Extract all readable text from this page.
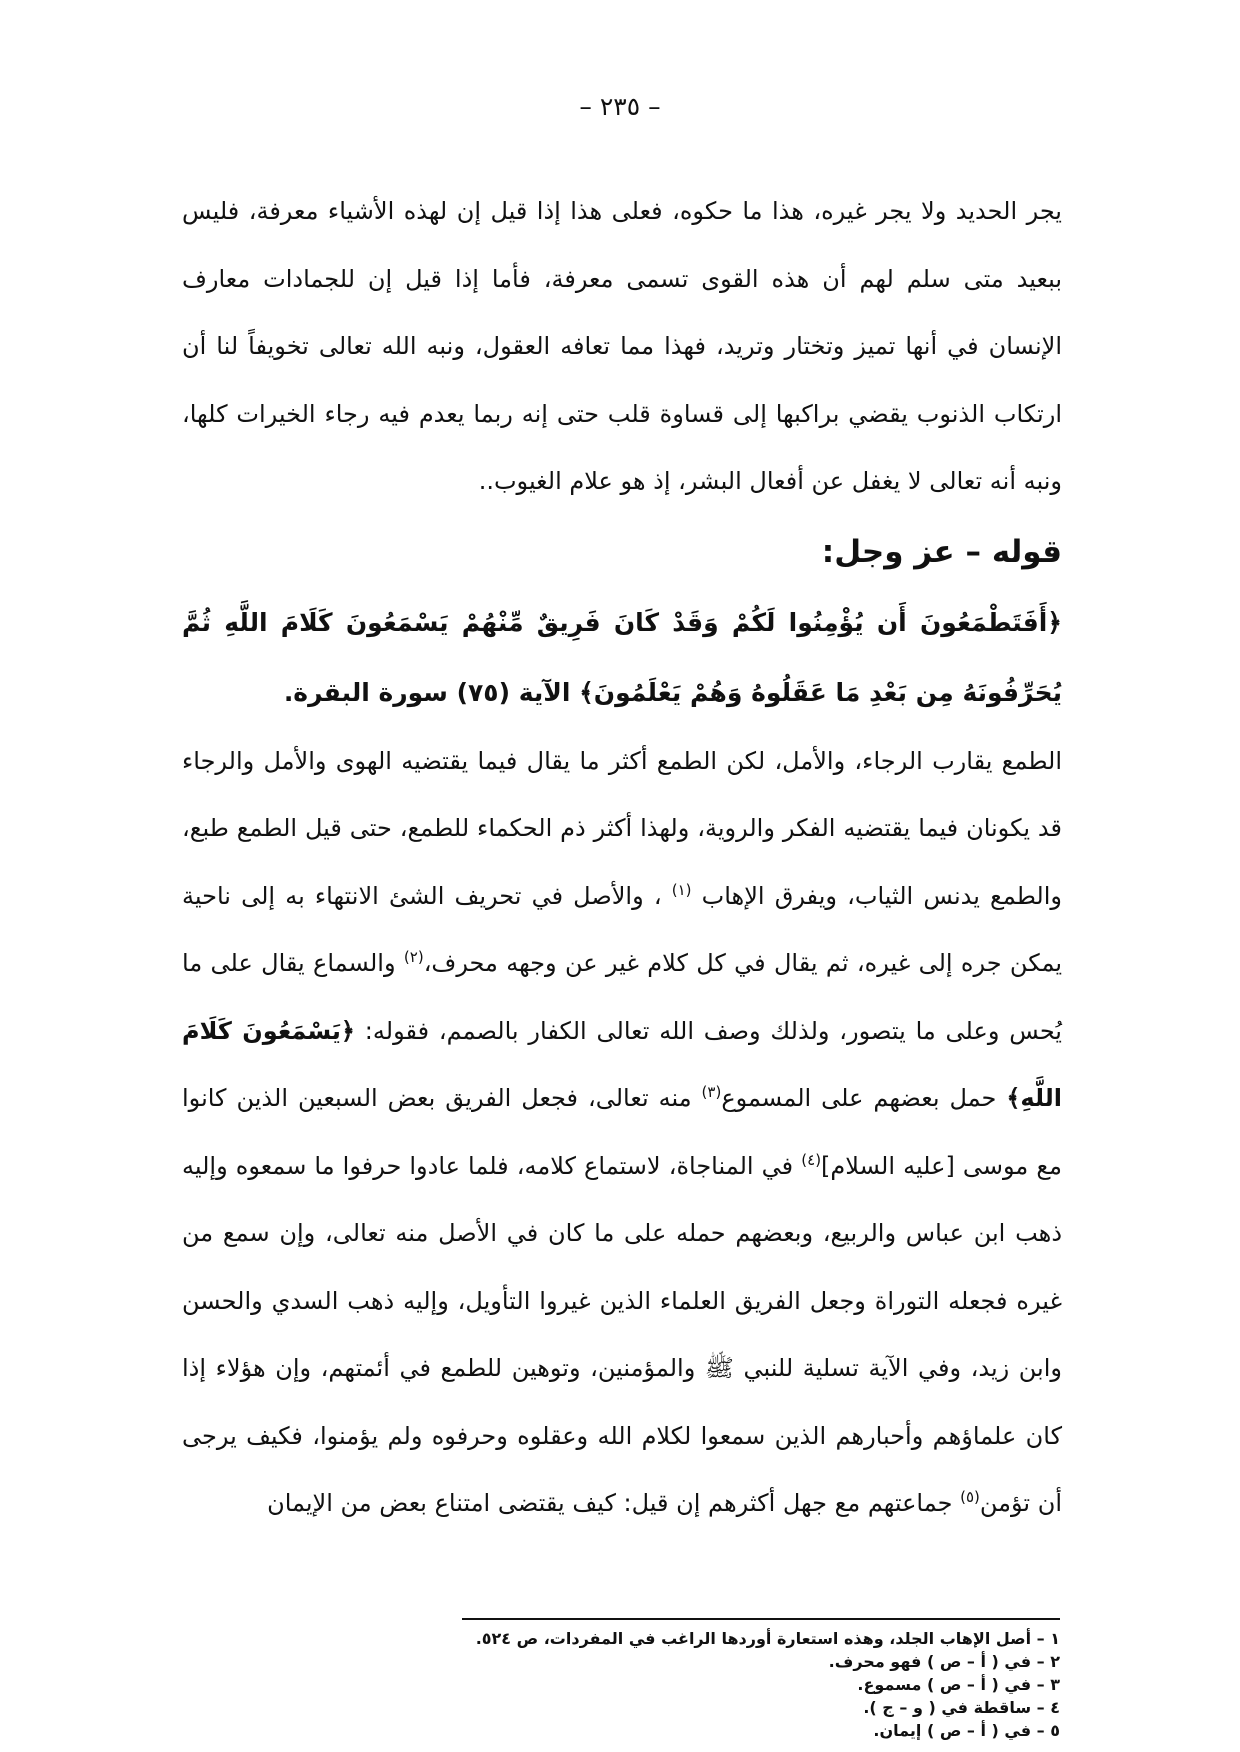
– ٢٣٥ –

يجر الحديد ولا يجر غيره، هذا ما حكوه، فعلى هذا إذا قيل إن لهذه الأشياء معرفة، فليس ببعيد متى سلم لهم أن هذه القوى تسمى معرفة، فأما إذا قيل إن للجمادات معارف الإنسان في أنها تميز وتختار وتريد، فهذا مما تعافه العقول، ونبه الله تعالى تخويفاً لنا أن ارتكاب الذنوب يقضي براكبها إلى قساوة قلب حتى إنه ربما يعدم فيه رجاء الخيرات كلها، ونبه أنه تعالى لا يغفل عن أفعال البشر، إذ هو علام الغيوب..

قوله – عز وجل:

﴿أَفَتَطْمَعُونَ أَن يُؤْمِنُوا لَكُمْ وَقَدْ كَانَ فَرِيقٌ مِّنْهُمْ يَسْمَعُونَ كَلَامَ اللَّهِ ثُمَّ يُحَرِّفُونَهُ مِن بَعْدِ مَا عَقَلُوهُ وَهُمْ يَعْلَمُونَ﴾ الآية (٧٥) سورة البقرة.

الطمع يقارب الرجاء، والأمل، لكن الطمع أكثر ما يقال فيما يقتضيه الهوى والأمل والرجاء قد يكونان فيما يقتضيه الفكر والروية، ولهذا أكثر ذم الحكماء للطمع، حتى قيل الطمع طبع، والطمع يدنس الثياب، ويفرق الإهاب $^{(١)}$ ، والأصل في تحريف الشئ الانتهاء به إلى ناحية يمكن جره إلى غيره، ثم يقال في كل كلام غير عن وجهه محرف،$^{(٢)}$ والسماع يقال على ما يُحس وعلى ما يتصور، ولذلك وصف الله تعالى الكفار بالصمم، فقوله: ﴿يَسْمَعُونَ كَلَامَ اللَّهِ﴾ حمل بعضهم على المسموع$^{(٣)}$ منه تعالى، فجعل الفريق بعض السبعين الذين كانوا مع موسى [عليه السلام]$^{(٤)}$ في المناجاة، لاستماع كلامه، فلما عادوا حرفوا ما سمعوه وإليه ذهب ابن عباس والربيع، وبعضهم حمله على ما كان في الأصل منه تعالى، وإن سمع من غيره فجعله التوراة وجعل الفريق العلماء الذين غيروا التأويل، وإليه ذهب السدي والحسن وابن زيد، وفي الآية تسلية للنبي ﷺ والمؤمنين، وتوهين للطمع في أئمتهم، وإن هؤلاء إذا كان علماؤهم وأحبارهم الذين سمعوا لكلام الله وعقلوه وحرفوه ولم يؤمنوا، فكيف يرجى أن تؤمن$^{(٥)}$ جماعتهم مع جهل أكثرهم إن قيل: كيف يقتضى امتناع بعض من الإيمان

١ – أصل الإهاب الجلد، وهذه استعارة أوردها الراغب في المفردات، ص ٥٢٤.
٢ – في ( أ – ص ) فهو محرف.
٣ – في ( أ – ص ) مسموع.
٤ – ساقطة في ( و – ج ).
٥ – في ( أ – ص ) إيمان.
